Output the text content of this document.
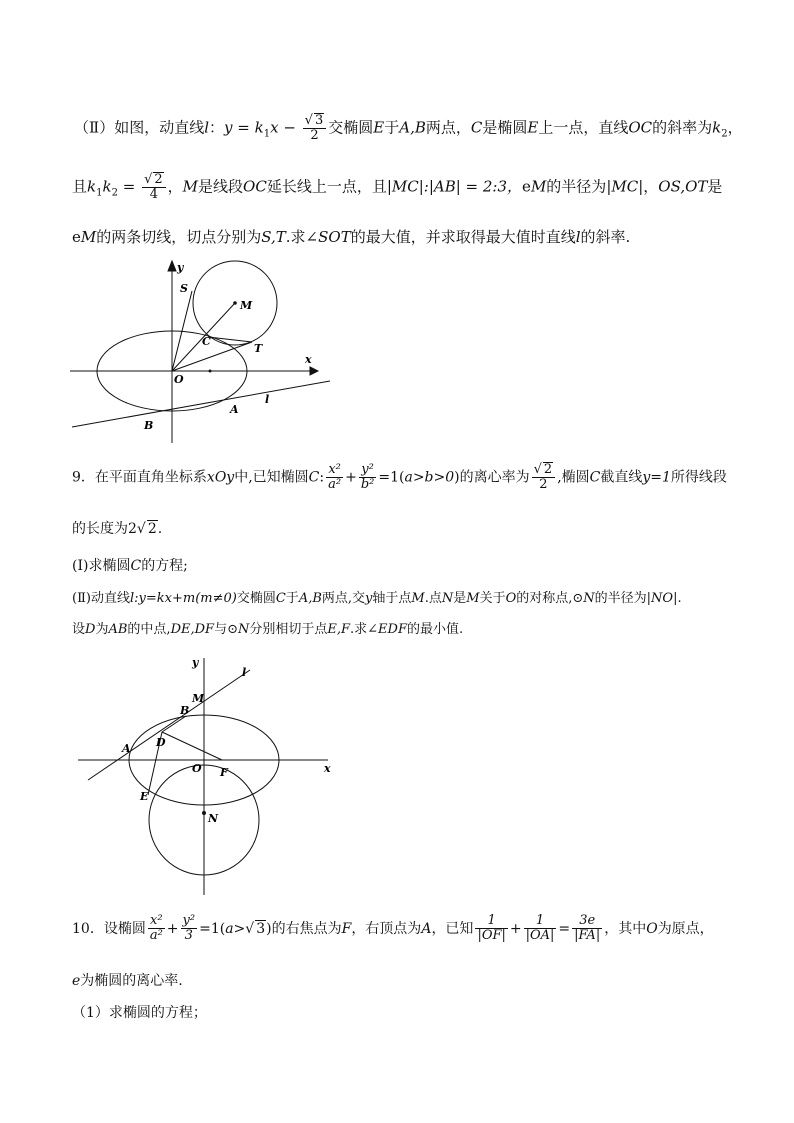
（Ⅱ）如图，动直线l：$y = k_1x - \frac{√ 3}{2}$ 交椭圆E于A,B两点，C是椭圆E上一点，直线OC的斜率为$k_2$，
且$k_1k_2 = \frac{√ 2}{4}$ ，M是线段OC延长线上一点，且|MC|:|AB| = 2:3，eM的半径为|MC|，OS,OT是
eM的两条切线，切点分别为S,T.求∠SOT的最大值，并求取得最大值时直线l的斜率.
y
x
S
M
C
T
O
A
B
l
9．在平面直角坐标系xOy中,已知椭圆C: $\frac{\text{x²}}{\text{a²}} + \frac{\text{y²}}{\text{b²}} =1(a>b>0)$的离心率为 $\frac{√ 2}{2}$ ,椭圆C截直线y=1所得线段
的长度为2√ 2.
(Ⅰ)求椭圆C的方程;
(Ⅱ)动直线l:y=kx+m(m≠0)交椭圆C于A,B两点,交y轴于点M.点N是M关于O的对称点,⊙N的半径为|NO|.
设D为AB的中点,DE,DF与⊙N分别相切于点E,F.求∠EDF的最小值.
y
l
M
B
A D
O F	x
E
N
10．设椭圆 $\frac{\text{x²}}{\text{a²}} + \frac{\text{y²}}{3} =1(a>√$ 3)的右焦点为F，右顶点为A，已知 $\frac{1}{|OF|} + \frac{1}{|OA|} = \frac{3e}{|FA|}$ ，其中O为原点，
e为椭圆的离心率.
（1）求椭圆的方程；
